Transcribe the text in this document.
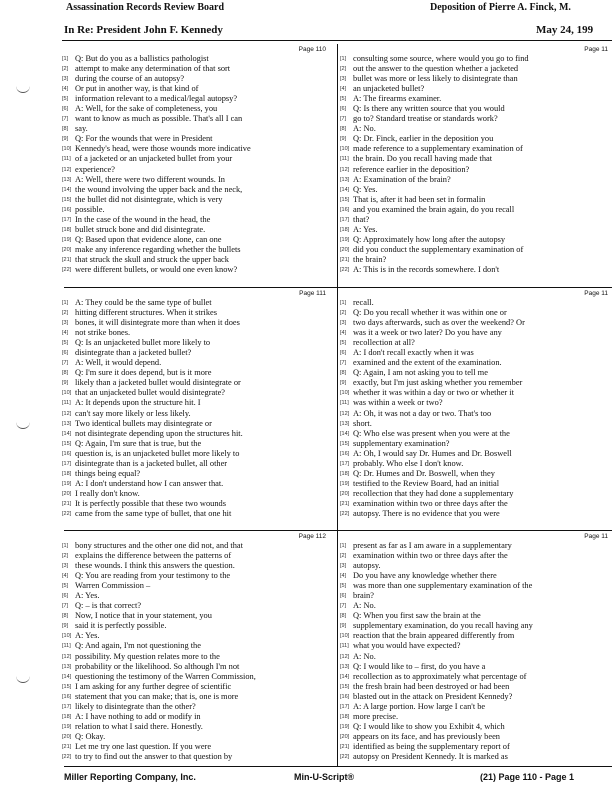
Assassination Records Review Board	Deposition of Pierre A. Finck, M.
In Re: President John F. Kennedy	May 24, 199
Page 110
[1] Q: But do you as a ballistics pathologist
[2] attempt to make any determination of that sort
[3] during the course of an autopsy?
[4] Or put in another way, is that kind of
[5] information relevant to a medical/legal autopsy?
[6] A: Well, for the sake of completeness, you
[7] want to know as much as possible. That's all I can
[8] say.
[9] Q: For the wounds that were in President
[10] Kennedy's head, were those wounds more indicative
[11] of a jacketed or an unjacketed bullet from your
[12] experience?
[13] A: Well, there were two different wounds. In
[14] the wound involving the upper back and the neck,
[15] the bullet did not disintegrate, which is very
[16] possible.
[17] In the case of the wound in the head, the
[18] bullet struck bone and did disintegrate.
[19] Q: Based upon that evidence alone, can one
[20] make any inference regarding whether the bullets
[21] that struck the skull and struck the upper back
[22] were different bullets, or would one even know?
Page 111
[1] A: They could be the same type of bullet
[2] hitting different structures. When it strikes
[3] bones, it will disintegrate more than when it does
[4] not strike bones.
[5] Q: Is an unjacketed bullet more likely to
[6] disintegrate than a jacketed bullet?
[7] A: Well, it would depend.
[8] Q: I'm sure it does depend, but is it more
[9] likely than a jacketed bullet would disintegrate or
[10] that an unjacketed bullet would disintegrate?
[11] A: It depends upon the structure hit. I
[12] can't say more likely or less likely.
[13] Two identical bullets may disintegrate or
[14] not disintegrate depending upon the structures hit.
[15] Q: Again, I'm sure that is true, but the
[16] question is, is an unjacketed bullet more likely to
[17] disintegrate than is a jacketed bullet, all other
[18] things being equal?
[19] A: I don't understand how I can answer that.
[20] I really don't know.
[21] It is perfectly possible that these two wounds
[22] came from the same type of bullet, that one hit
Page 112
[1] bony structures and the other one did not, and that
[2] explains the difference between the patterns of
[3] these wounds. I think this answers the question.
[4] Q: You are reading from your testimony to the
[5] Warren Commission –
[6] A: Yes.
[7] Q: – is that correct?
[8] Now, I notice that in your statement, you
[9] said it is perfectly possible.
[10] A: Yes.
[11] Q: And again, I'm not questioning the
[12] possibility. My question relates more to the
[13] probability or the likelihood. So although I'm not
[14] questioning the testimony of the Warren Commission,
[15] I am asking for any further degree of scientific
[16] statement that you can make; that is, one is more
[17] likely to disintegrate than the other?
[18] A: I have nothing to add or modify in
[19] relation to what I said there. Honestly.
[20] Q: Okay.
[21] Let me try one last question. If you were
[22] to try to find out the answer to that question by
Page 11
[1] consulting some source, where would you go to find
[2] out the answer to the question whether a jacketed
[3] bullet was more or less likely to disintegrate than
[4] an unjacketed bullet?
[5] A: The firearms examiner.
[6] Q: Is there any written source that you would
[7] go to? Standard treatise or standards work?
[8] A: No.
[9] Q: Dr. Finck, earlier in the deposition you
[10] made reference to a supplementary examination of
[11] the brain. Do you recall having made that
[12] reference earlier in the deposition?
[13] A: Examination of the brain?
[14] Q: Yes.
[15] That is, after it had been set in formalin
[16] and you examined the brain again, do you recall
[17] that?
[18] A: Yes.
[19] Q: Approximately how long after the autopsy
[20] did you conduct the supplementary examination of
[21] the brain?
[22] A: This is in the records somewhere. I don't
Page 11
[1] recall.
[2] Q: Do you recall whether it was within one or
[3] two days afterwards, such as over the weekend? Or
[4] was it a week or two later? Do you have any
[5] recollection at all?
[6] A: I don't recall exactly when it was
[7] examined and the extent of the examination.
[8] Q: Again, I am not asking you to tell me
[9] exactly, but I'm just asking whether you remember
[10] whether it was within a day or two or whether it
[11] was within a week or two?
[12] A: Oh, it was not a day or two. That's too
[13] short.
[14] Q: Who else was present when you were at the
[15] supplementary examination?
[16] A: Oh, I would say Dr. Humes and Dr. Boswell
[17] probably. Who else I don't know.
[18] Q: Dr. Humes and Dr. Boswell, when they
[19] testified to the Review Board, had an initial
[20] recollection that they had done a supplementary
[21] examination within two or three days after the
[22] autopsy. There is no evidence that you were
Page 11
[1] present as far as I am aware in a supplementary
[2] examination within two or three days after the
[3] autopsy.
[4] Do you have any knowledge whether there
[5] was more than one supplementary examination of the
[6] brain?
[7] A: No.
[8] Q: When you first saw the brain at the
[9] supplementary examination, do you recall having any
[10] reaction that the brain appeared differently from
[11] what you would have expected?
[12] A: No.
[13] Q: I would like to – first, do you have a
[14] recollection as to approximately what percentage of
[15] the fresh brain had been destroyed or had been
[16] blasted out in the attack on President Kennedy?
[17] A: A large portion. How large I can't be
[18] more precise.
[19] Q: I would like to show you Exhibit 4, which
[20] appears on its face, and has previously been
[21] identified as being the supplementary report of
[22] autopsy on President Kennedy. It is marked as
Miller Reporting Company, Inc.	Min-U-Script®	(21) Page 110 - Page 1
